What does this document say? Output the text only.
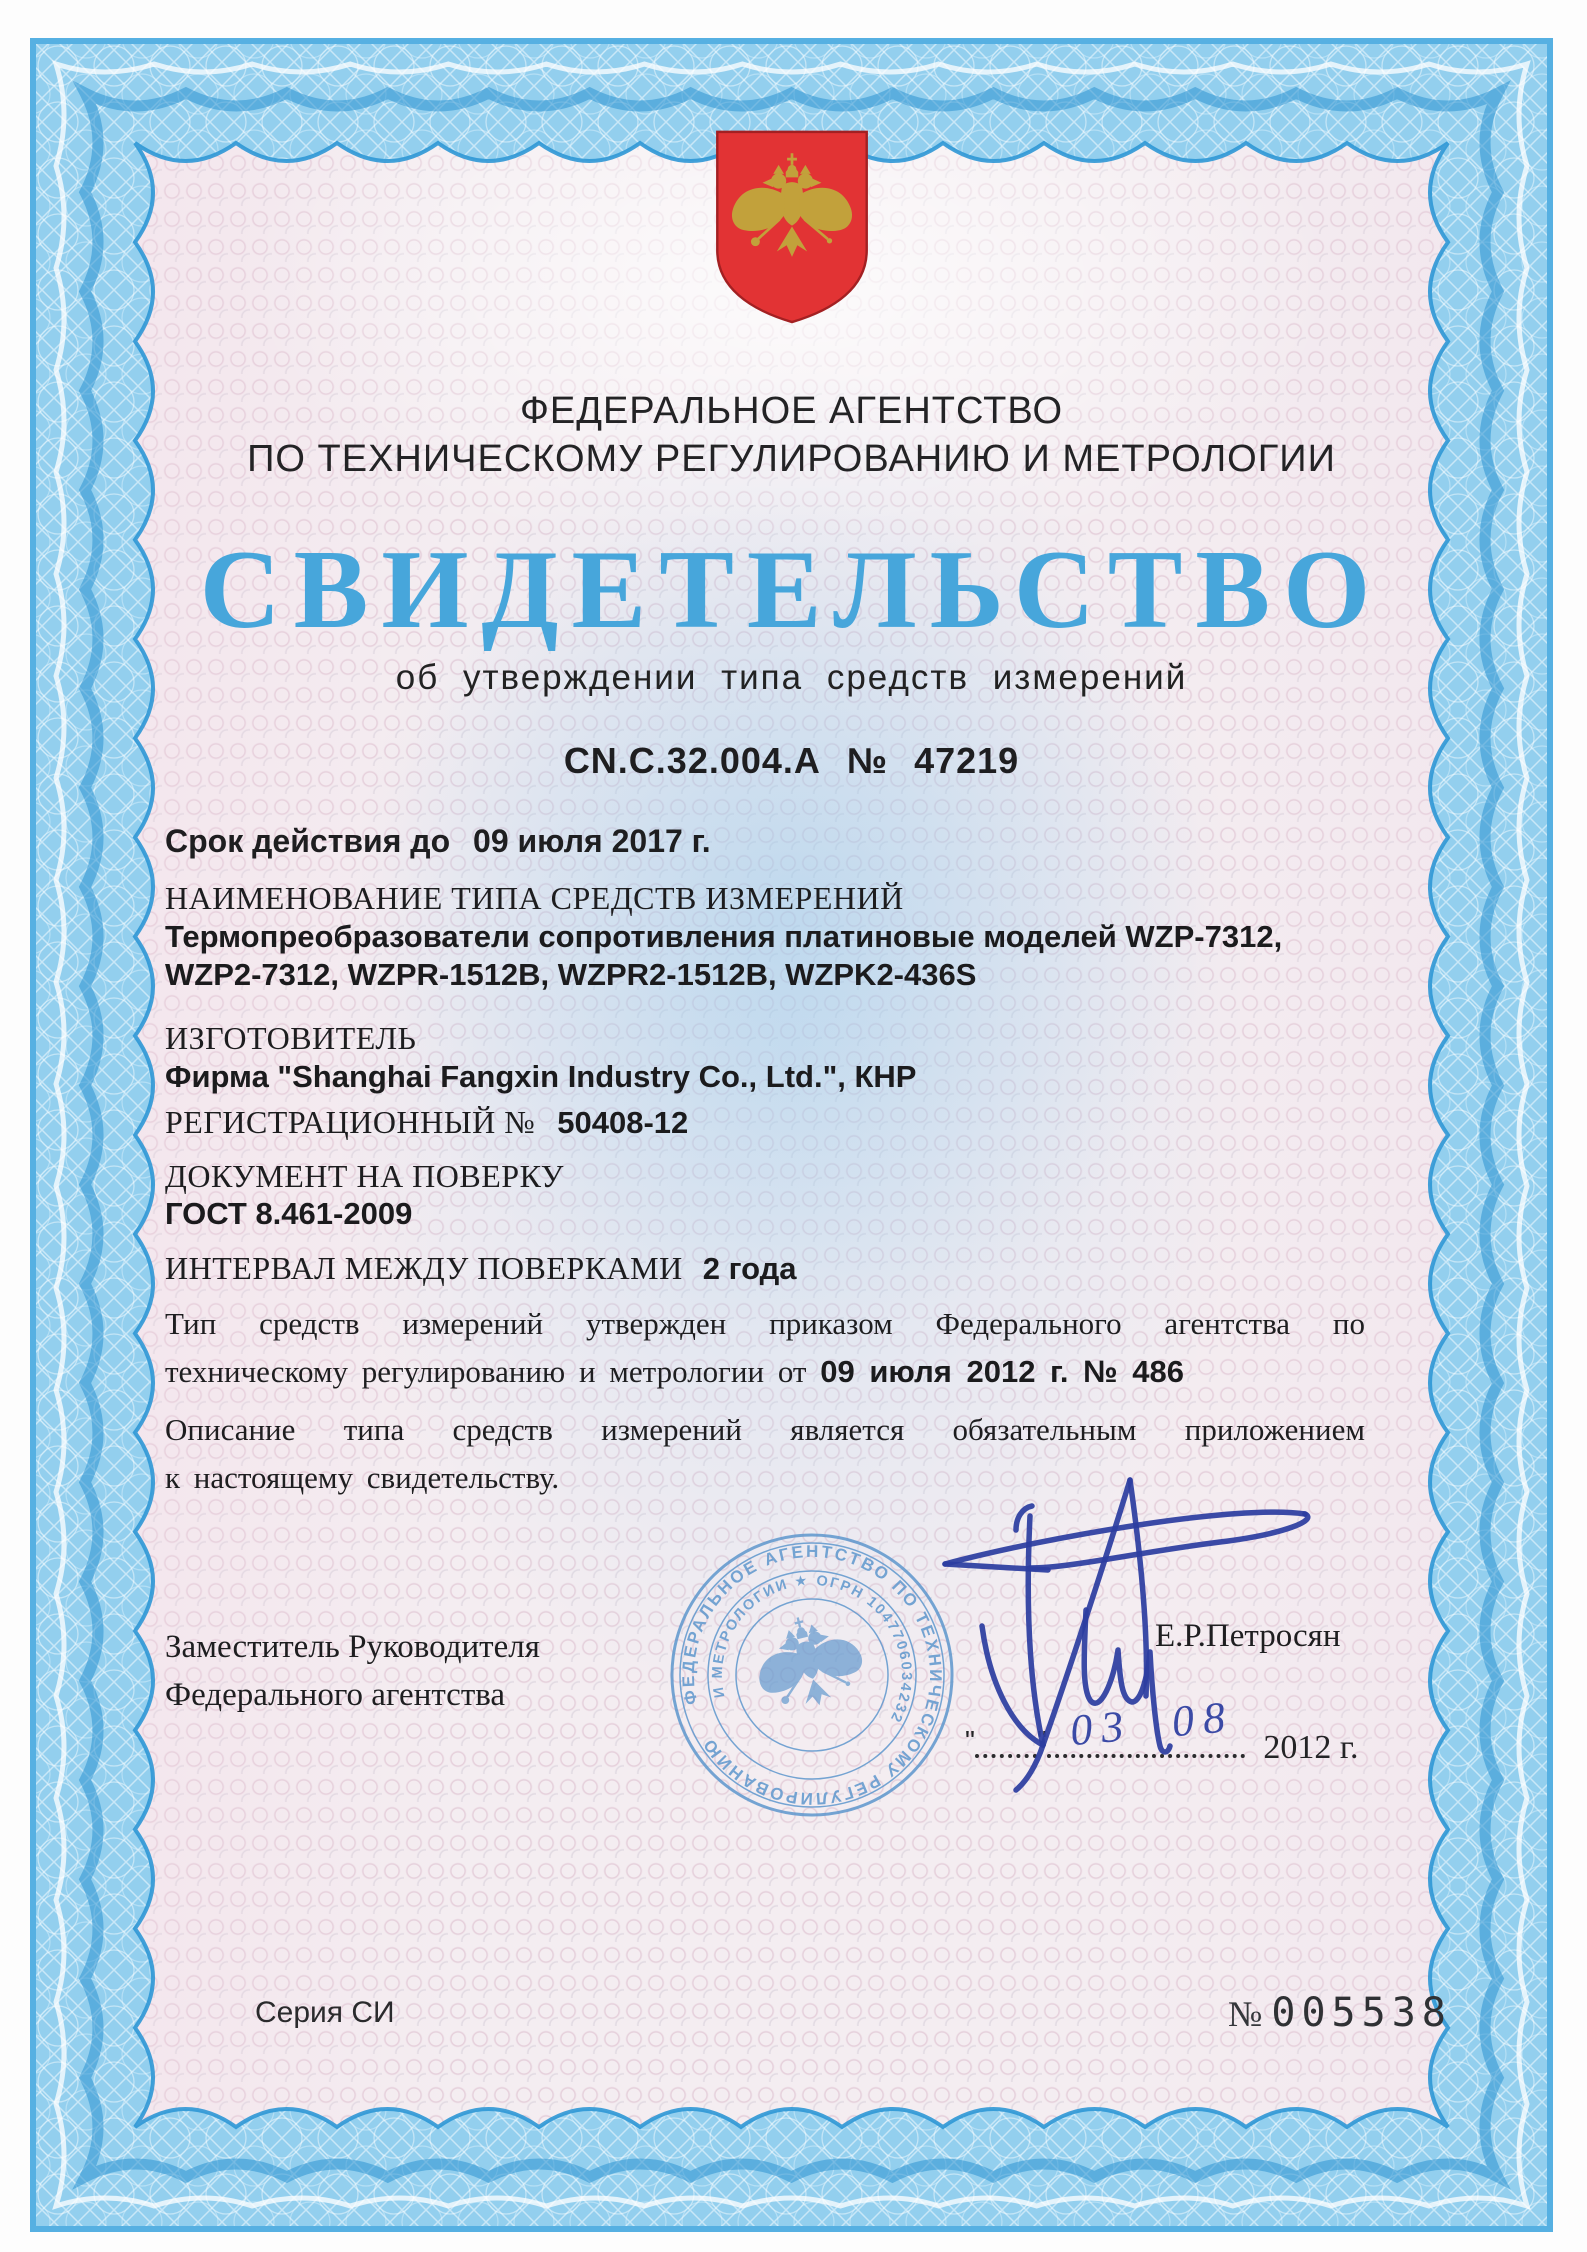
ФЕДЕРАЛЬНОЕ АГЕНТСТВО ПО ТЕХНИЧЕСКОМУ РЕГУЛИРОВАНИЮ
И МЕТРОЛОГИИ ★ ОГРН 1047706034232
ФЕДЕРАЛЬНОЕ АГЕНТСТВО
ПО ТЕХНИЧЕСКОМУ РЕГУЛИРОВАНИЮ И МЕТРОЛОГИИ
СВИДЕТЕЛЬСТВО
об утверждении типа средств измерений
CN.C.32.004.A № 47219
Срок действия до 09 июля 2017 г.
НАИМЕНОВАНИЕ ТИПА СРЕДСТВ ИЗМЕРЕНИЙ
Термопреобразователи сопротивления платиновые моделей WZP-7312,
WZP2-7312, WZPR-1512B, WZPR2-1512B, WZPK2-436S
ИЗГОТОВИТЕЛЬ
Фирма "Shanghai Fangxin Industry Co., Ltd.", КНР
РЕГИСТРАЦИОННЫЙ № 50408-12
ДОКУМЕНТ НА ПОВЕРКУ
ГОСТ 8.461-2009
ИНТЕРВАЛ МЕЖДУ ПОВЕРКАМИ 2 года
Тип средств измерений утвержден приказом Федерального агентства по
техническому регулированию и метрологии от 09 июля 2012 г. № 486
Описание типа средств измерений является обязательным приложением
к настоящему свидетельству.
Заместитель Руководителя
Федерального агентства
Е.Р.Петросян
03 08
" "	2012 г.
Серия СИ	№ 005538
